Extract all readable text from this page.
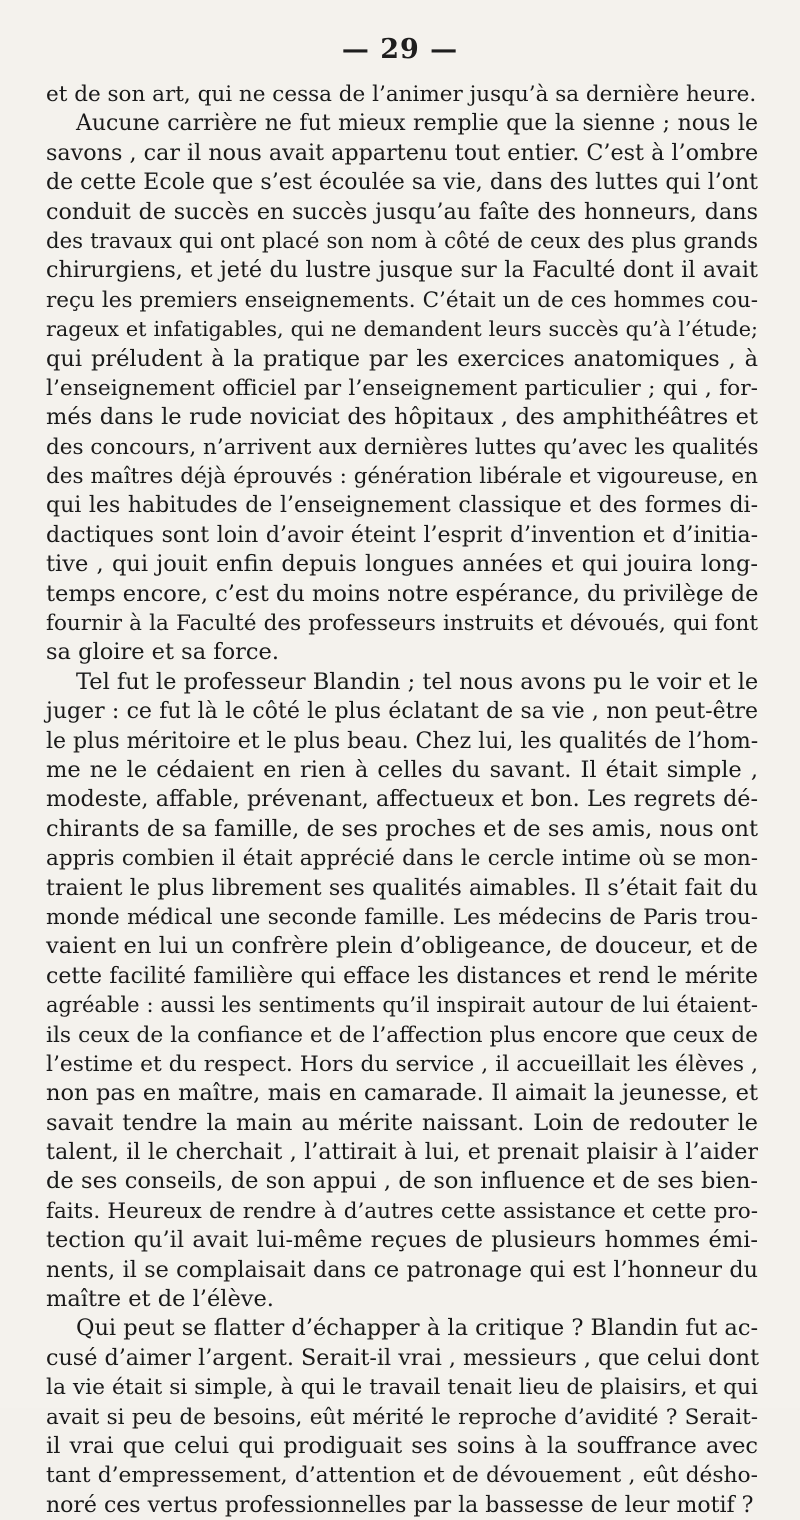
— 29 —
et de son art, qui ne cessa de l’animer jusqu’à sa dernière heure.
Aucune carrière ne fut mieux remplie que la sienne ; nous le
savons , car il nous avait appartenu tout entier. C’est à l’ombre
de cette Ecole que s’est écoulée sa vie, dans des luttes qui l’ont
conduit de succès en succès jusqu’au faîte des honneurs, dans
des travaux qui ont placé son nom à côté de ceux des plus grands
chirurgiens, et jeté du lustre jusque sur la Faculté dont il avait
reçu les premiers enseignements. C’était un de ces hommes cou-
rageux et infatigables, qui ne demandent leurs succès qu’à l’étude;
qui préludent à la pratique par les exercices anatomiques , à
l’enseignement officiel par l’enseignement particulier ; qui , for-
més dans le rude noviciat des hôpitaux , des amphithéâtres et
des concours, n’arrivent aux dernières luttes qu’avec les qualités
des maîtres déjà éprouvés : génération libérale et vigoureuse, en
qui les habitudes de l’enseignement classique et des formes di-
dactiques sont loin d’avoir éteint l’esprit d’invention et d’initia-
tive , qui jouit enfin depuis longues années et qui jouira long-
temps encore, c’est du moins notre espérance, du privilège de
fournir à la Faculté des professeurs instruits et dévoués, qui font
sa gloire et sa force.
Tel fut le professeur Blandin ; tel nous avons pu le voir et le
juger : ce fut là le côté le plus éclatant de sa vie , non peut-être
le plus méritoire et le plus beau. Chez lui, les qualités de l’hom-
me ne le cédaient en rien à celles du savant. Il était simple ,
modeste, affable, prévenant, affectueux et bon. Les regrets dé-
chirants de sa famille, de ses proches et de ses amis, nous ont
appris combien il était apprécié dans le cercle intime où se mon-
traient le plus librement ses qualités aimables. Il s’était fait du
monde médical une seconde famille. Les médecins de Paris trou-
vaient en lui un confrère plein d’obligeance, de douceur, et de
cette facilité familière qui efface les distances et rend le mérite
agréable : aussi les sentiments qu’il inspirait autour de lui étaient-
ils ceux de la confiance et de l’affection plus encore que ceux de
l’estime et du respect. Hors du service , il accueillait les élèves ,
non pas en maître, mais en camarade. Il aimait la jeunesse, et
savait tendre la main au mérite naissant. Loin de redouter le
talent, il le cherchait , l’attirait à lui, et prenait plaisir à l’aider
de ses conseils, de son appui , de son influence et de ses bien-
faits. Heureux de rendre à d’autres cette assistance et cette pro-
tection qu’il avait lui-même reçues de plusieurs hommes émi-
nents, il se complaisait dans ce patronage qui est l’honneur du
maître et de l’élève.
Qui peut se flatter d’échapper à la critique ? Blandin fut ac-
cusé d’aimer l’argent. Serait-il vrai , messieurs , que celui dont
la vie était si simple, à qui le travail tenait lieu de plaisirs, et qui
avait si peu de besoins, eût mérité le reproche d’avidité ? Serait-
il vrai que celui qui prodiguait ses soins à la souffrance avec
tant d’empressement, d’attention et de dévouement , eût désho-
noré ces vertus professionnelles par la bassesse de leur motif ?
